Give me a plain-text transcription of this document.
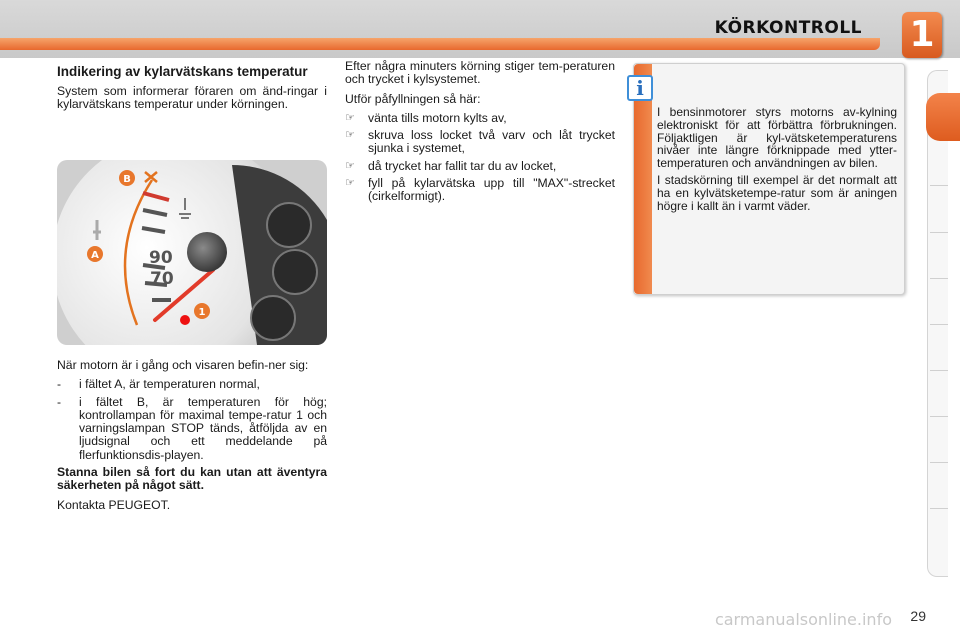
KÖRKONTROLL 1
Indikering av kylarvätskans temperatur

System som informerar föraren om änd-ringar i kylarvätskans temperatur under körningen.

B
A
1
90
70

När motorn är i gång och visaren befin-ner sig:

-	i fältet A, är temperaturen normal,
-	i fältet B, är temperaturen för hög; kontrollampan för maximal tempe-ratur 1 och varningslampan STOP tänds, åtföljda av en ljudsignal och ett meddelande på flerfunktionsdis-playen.

Stanna bilen så fort du kan utan att äventyra säkerheten på något sätt.

Kontakta PEUGEOT.

Efter några minuters körning stiger tem-peraturen och trycket i kylsystemet.

Utför påfyllningen så här:

☞	vänta tills motorn kylts av,
☞	skruva loss locket två varv och låt trycket sjunka i systemet,
☞	då trycket har fallit tar du av locket,
☞	fyll på kylarvätska upp till "MAX"-strecket (cirkelformigt).
i

I bensinmotorer styrs motorns av-kylning elektroniskt för att förbättra förbrukningen. Följaktligen är kyl-vätsketemperaturens nivåer inte längre förknippade med ytter-temperaturen och användningen av bilen.

I stadskörning till exempel är det normalt att ha en kylvätsketempe-ratur som är aningen högre i kallt än i varmt väder.

carmanualsonline.info 29
